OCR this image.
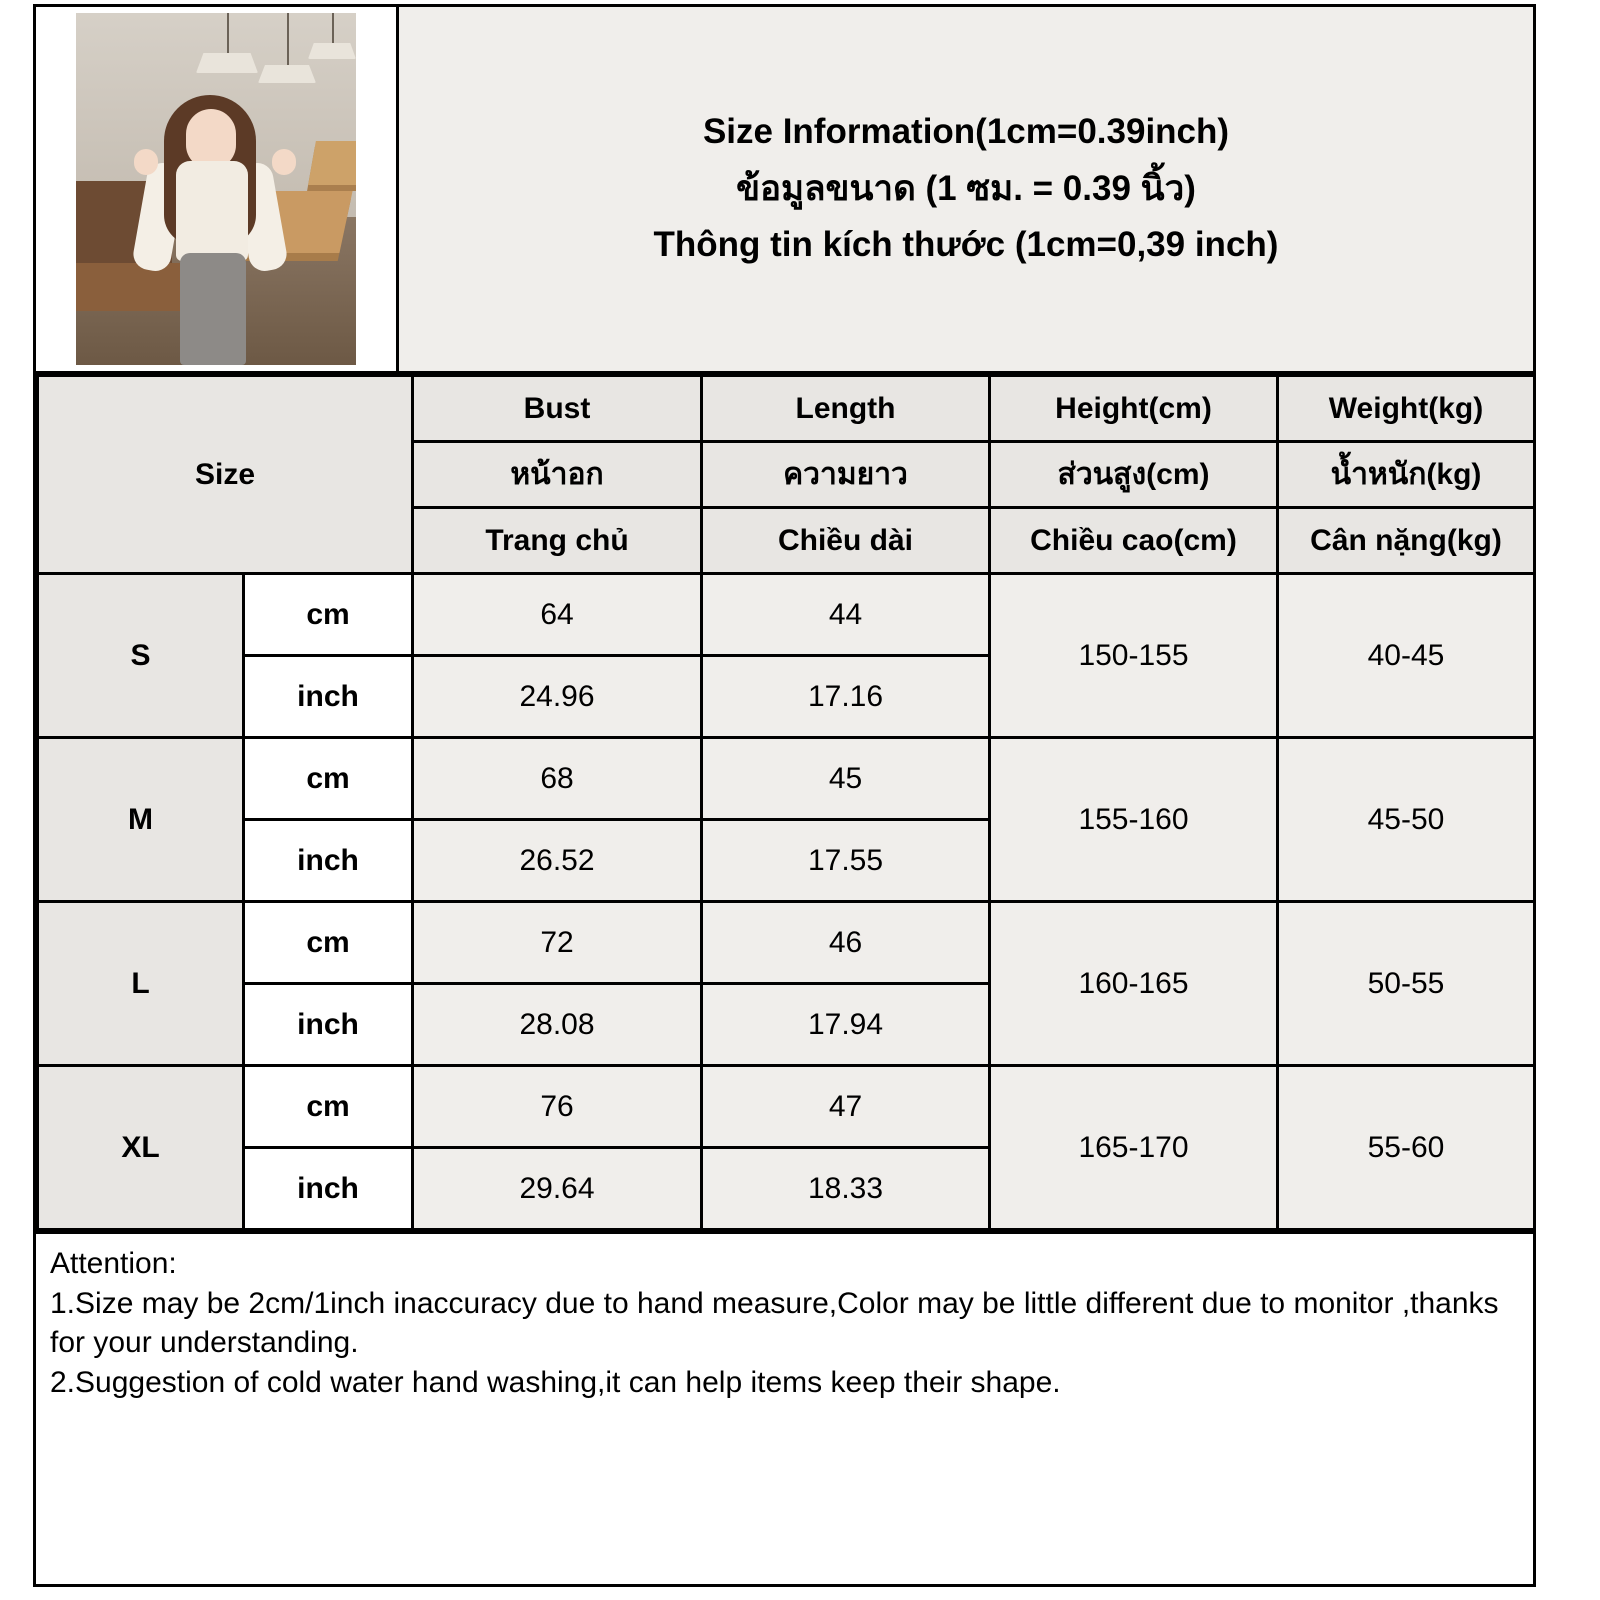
Size Information(1cm=0.39inch)
ข้อมูลขนาด (1 ซม. = 0.39 นิ้ว)
Thông tin kích thước (1cm=0,39 inch)
Size		Bust	Length	Height(cm)	Weight(kg)
		หน้าอก	ความยาว	ส่วนสูง(cm)	น้ำหนัก(kg)
		Trang chủ	Chiều dài	Chiều cao(cm)	Cân nặng(kg)
S	cm	64	44	150-155	40-45
	inch	24.96	17.16		
M	cm	68	45	155-160	45-50
	inch	26.52	17.55		
L	cm	72	46	160-165	50-55
	inch	28.08	17.94		
XL	cm	76	47	165-170	55-60
	inch	29.64	18.33		
Attention:
1.Size may be 2cm/1inch inaccuracy due to hand measure,Color may be little different due to monitor ,thanks for your understanding.
2.Suggestion of cold water hand washing,it can help items keep their shape.
